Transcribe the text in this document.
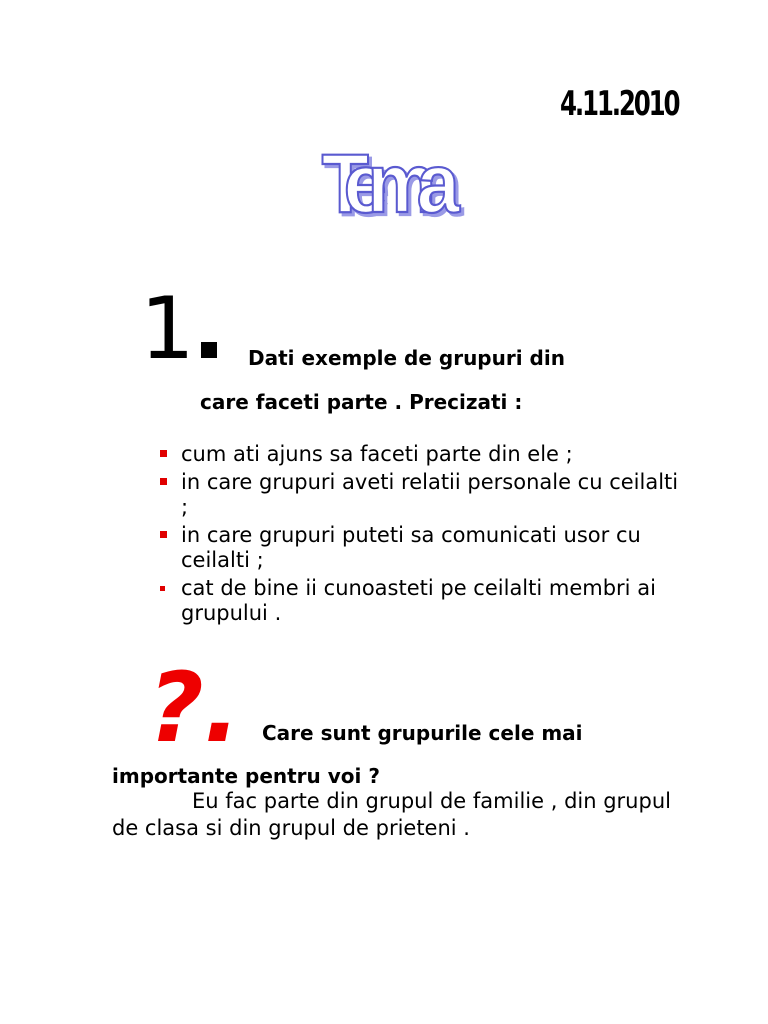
4.11.2010
Tema
1	Dati exemple de grupuri din
care faceti parte . Precizati :
cum ati ajuns sa faceti parte din ele ;
in care grupuri aveti relatii personale cu ceilalti ;
in care grupuri puteti sa comunicati usor cu ceilalti ;
cat de bine ii cunoasteti pe ceilalti membri ai grupului .
?. Care sunt grupurile cele mai
importante pentru voi ?
Eu fac parte din grupul de familie , din grupul de clasa si din grupul de prieteni .
